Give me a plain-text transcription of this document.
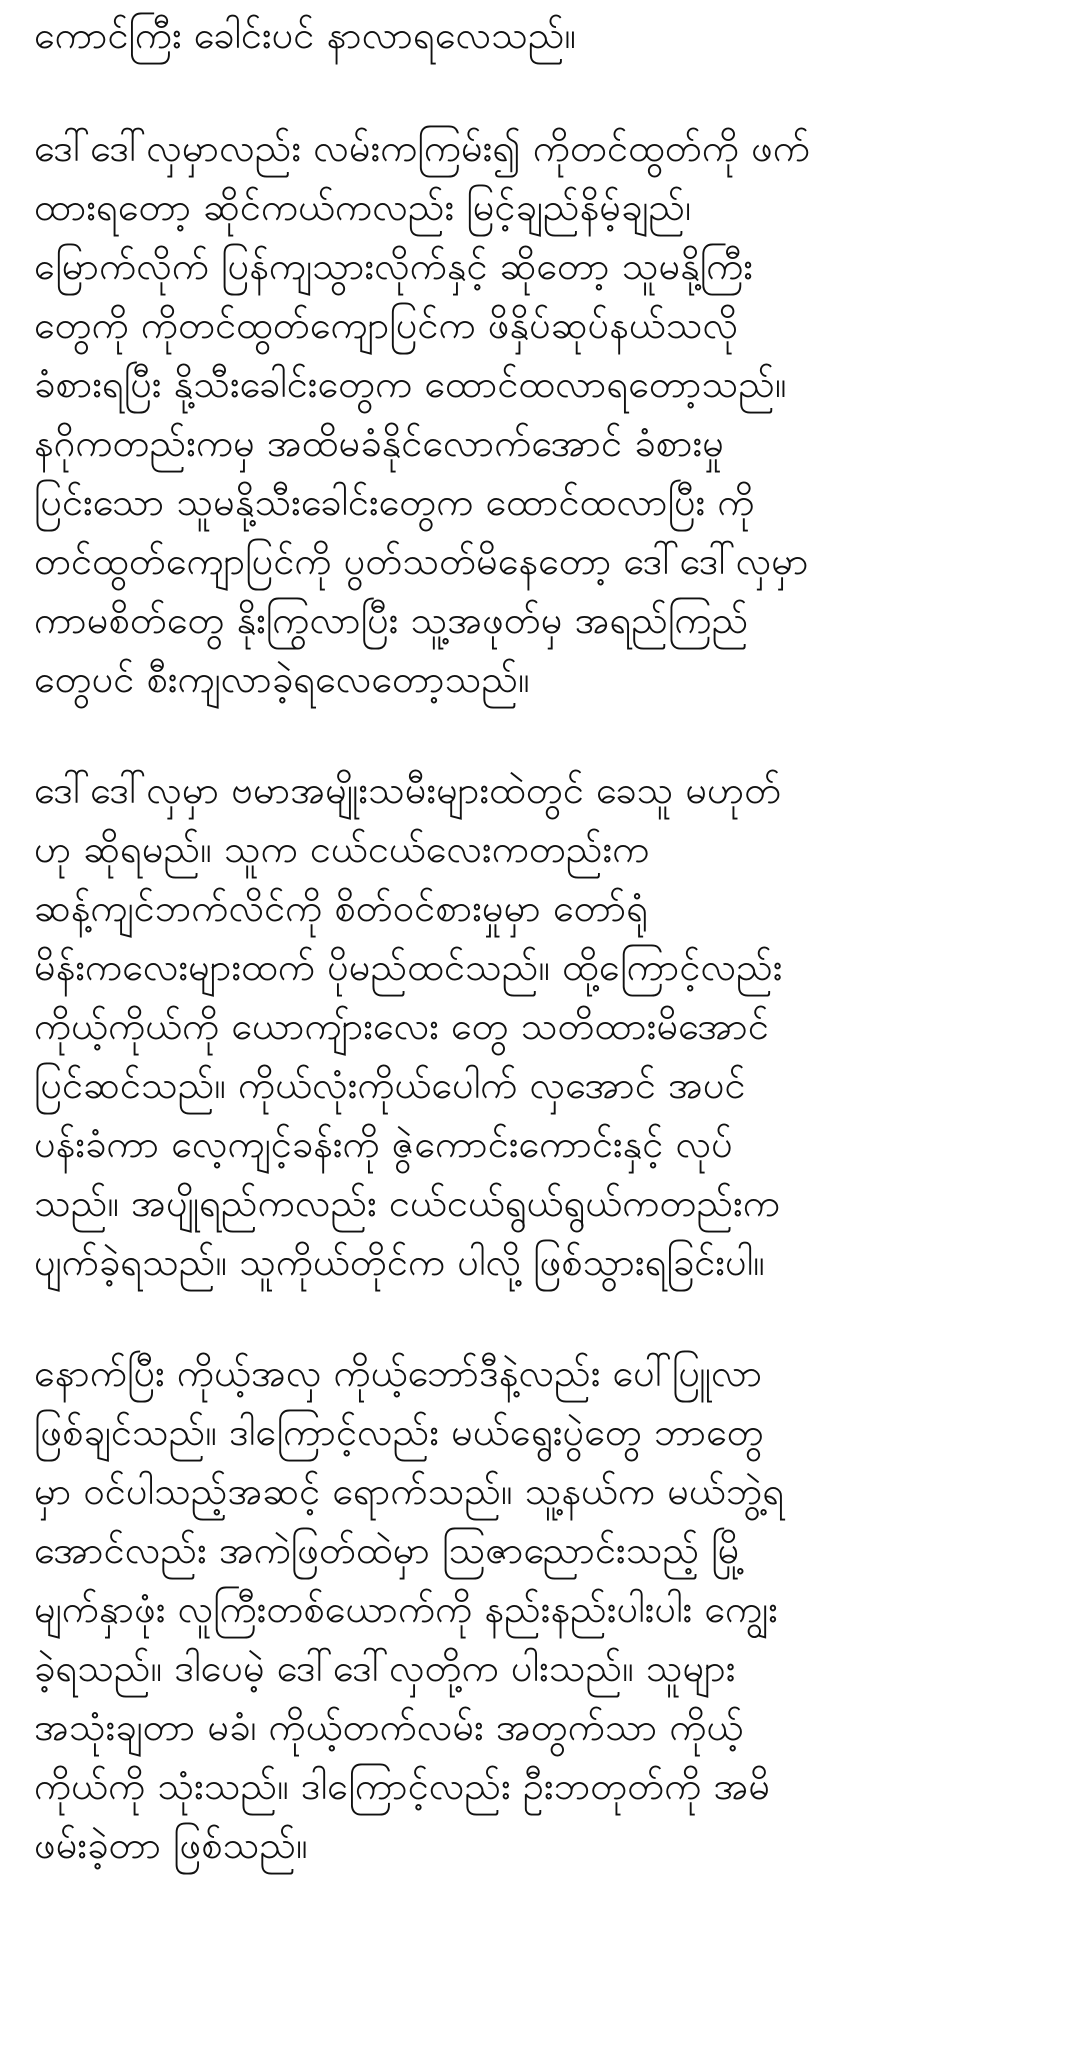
ကောင်ကြီး ခေါင်းပင် နာလာရလေသည်။
ဒေါ်ဒေါ်လှမှာလည်း လမ်းကကြမ်း၍ ကိုတင်ထွတ်ကို ဖက်
ထားရတော့ ဆိုင်ကယ်ကလည်း မြင့်ချည်နိမ့်ချည်၊
မြောက်လိုက် ပြန်ကျသွားလိုက်နှင့် ဆိုတော့ သူမနို့ကြီး
တွေကို ကိုတင်ထွတ်ကျောပြင်က ဖိနှိပ်ဆုပ်နယ်သလို
ခံစားရပြီး နို့သီးခေါင်းတွေက ထောင်ထလာရတော့သည်။
နဂိုကတည်းကမှ အထိမခံနိုင်လောက်အောင် ခံစားမှု
ပြင်းသော သူမနို့သီးခေါင်းတွေက ထောင်ထလာပြီး ကို
တင်ထွတ်ကျောပြင်ကို ပွတ်သတ်မိနေတော့ ဒေါ်ဒေါ်လှမှာ
ကာမစိတ်တွေ နိုးကြွလာပြီး သူ့အဖုတ်မှ အရည်ကြည်
တွေပင် စီးကျလာခဲ့ရလေတော့သည်။
ဒေါ်ဒေါ်လှမှာ ဗမာအမျိုးသမီးများထဲတွင် ခေသူ မဟုတ်
ဟု ဆိုရမည်။ သူက ငယ်ငယ်လေးကတည်းက
ဆန့်ကျင်ဘက်လိင်ကို စိတ်ဝင်စားမှုမှာ တော်ရုံ
မိန်းကလေးများထက် ပိုမည်ထင်သည်။ ထို့ကြောင့်လည်း
ကိုယ့်ကိုယ်ကို ယောကျ်ားလေး တွေ သတိထားမိအောင်
ပြင်ဆင်သည်။ ကိုယ်လုံးကိုယ်ပေါက် လှအောင် အပင်
ပန်းခံကာ လေ့ကျင့်ခန်းကို ဇွဲကောင်းကောင်းနှင့် လုပ်
သည်။ အပျိုရည်ကလည်း ငယ်ငယ်ရွယ်ရွယ်ကတည်းက
ပျက်ခဲ့ရသည်။ သူကိုယ်တိုင်က ပါလို့ ဖြစ်သွားရခြင်းပါ။
နောက်ပြီး ကိုယ့်အလှ ကိုယ့်ဘော်ဒီနဲ့လည်း ပေါ်ပြူလာ
ဖြစ်ချင်သည်။ ဒါကြောင့်လည်း မယ်ရွေးပွဲတွေ ဘာတွေ
မှာ ဝင်ပါသည့်အဆင့် ရောက်သည်။ သူ့နယ်က မယ်ဘွဲ့ရ
အောင်လည်း အကဲဖြတ်ထဲမှာ ဩဇာညောင်းသည့် မြို့
မျက်နှာဖုံး လူကြီးတစ်ယောက်ကို နည်းနည်းပါးပါး ကျွေး
ခဲ့ရသည်။ ဒါပေမဲ့ ဒေါ်ဒေါ်လှတို့က ပါးသည်။ သူများ
အသုံးချတာ မခံ၊ ကိုယ့်တက်လမ်း အတွက်သာ ကိုယ့်
ကိုယ်ကို သုံးသည်။ ဒါကြောင့်လည်း ဦးဘတုတ်ကို အမိ
ဖမ်းခဲ့တာ ဖြစ်သည်။
